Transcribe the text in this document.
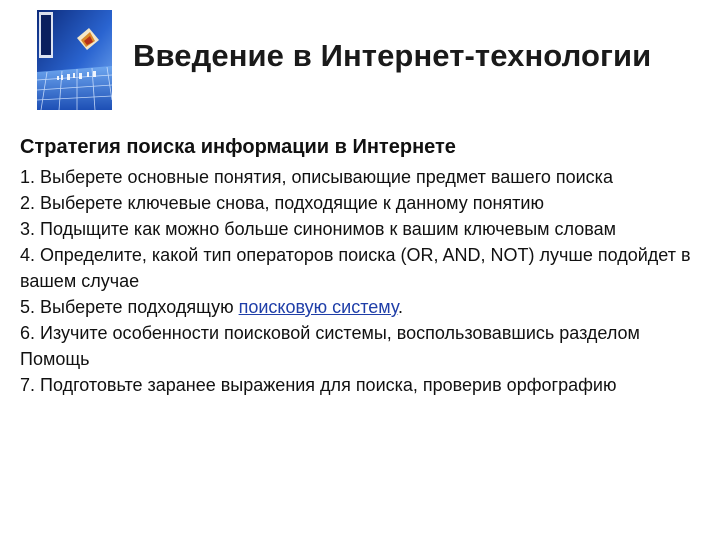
Введение в Интернет-технологии

Стратегия поиска информации в Интернете

1. Выберете основные понятия, описывающие предмет вашего поиска
2. Выберете ключевые снова, подходящие к данному понятию
3. Подыщите как можно больше синонимов к вашим ключевым словам
4. Определите, какой тип операторов поиска (OR, AND, NOT) лучше подойдет в вашем случае
5. Выберете подходящую поисковую систему.
6. Изучите особенности поисковой системы, воспользовавшись разделом Помощь
7. Подготовьте заранее выражения для поиска, проверив орфографию
